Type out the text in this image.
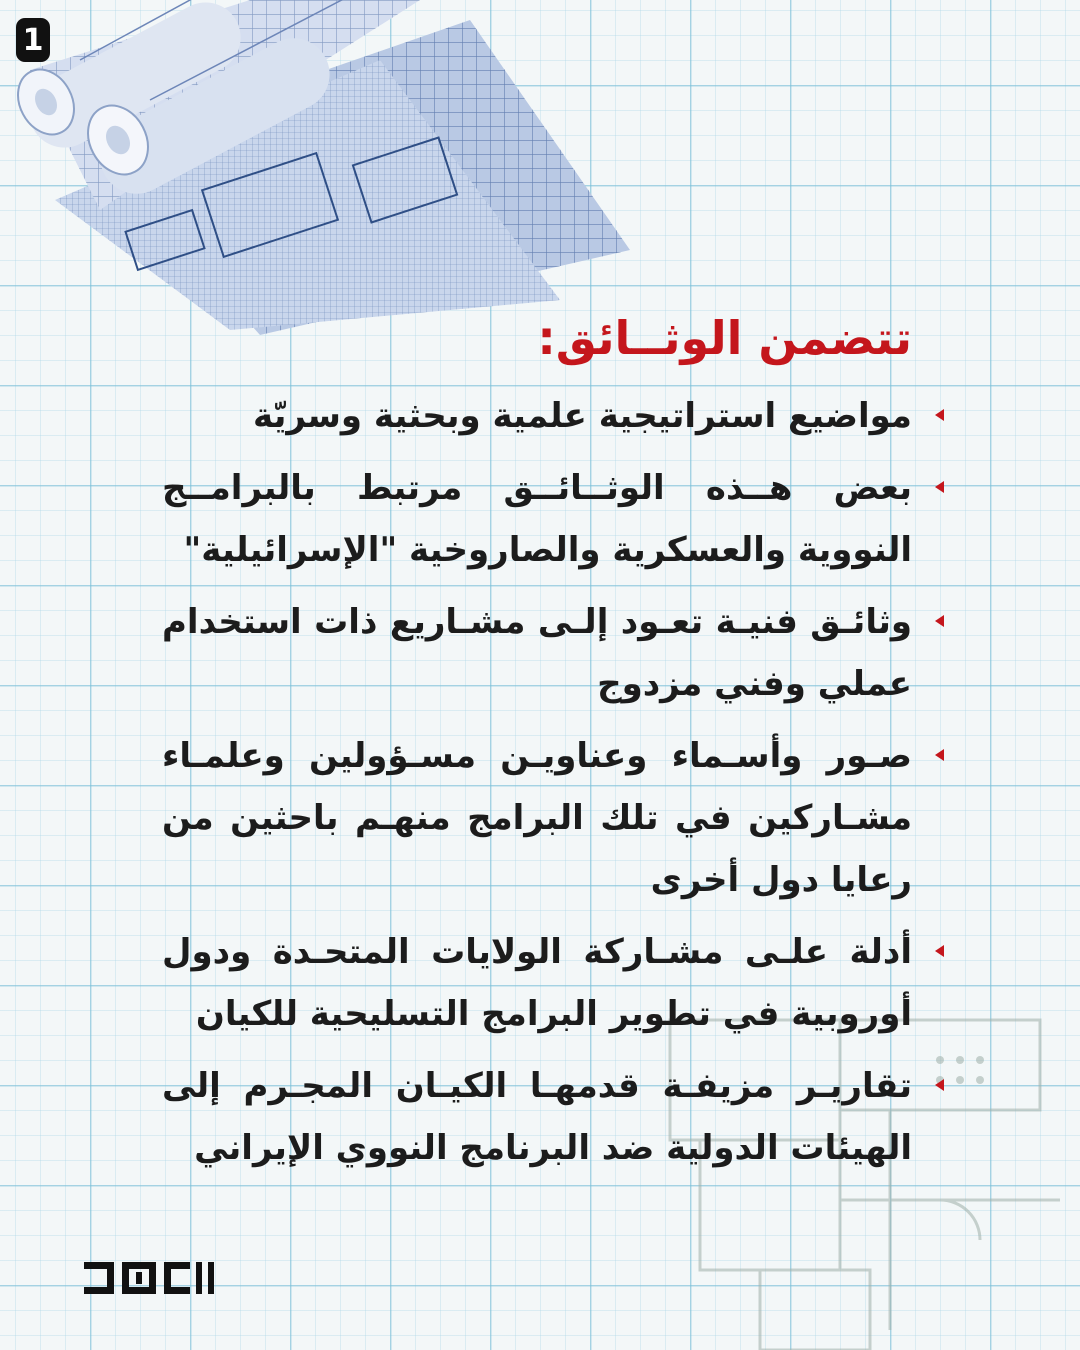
1
تتضمن الوثــائق:
مواضيع استراتيجية علمية وبحثية وسريّة
بعض هــذه الوثــائــق مرتبط بالبرامــج النووية والعسكرية والصاروخية "الإسرائيلية"
وثائـق فنيـة تعـود إلـى مشـاريع ذات استخدام عملي وفني مزدوج
صـور وأسـماء وعناويـن مسـؤولين وعلمـاء مشـاركين في تلك البرامج منهـم باحثين من رعايا دول أخرى
أدلة علـى مشـاركة الولايات المتحـدة ودول أوروبية في تطوير البرامج التسليحية للكيان
تقاريـر مزيفـة قدمهـا الكيـان المجـرم إلى الهيئات الدولية ضد البرنامج النووي الإيراني
